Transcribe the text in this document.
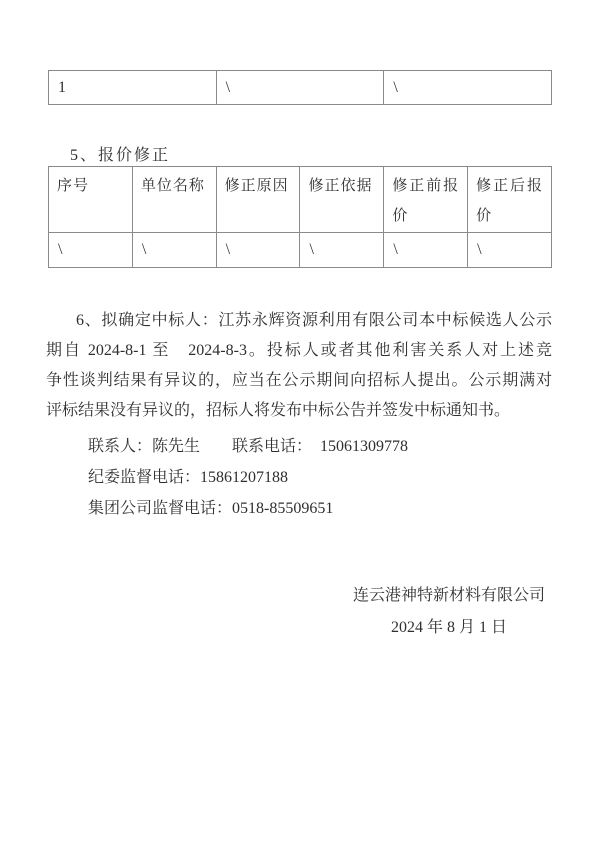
1	\	\
5、报价修正
序号	单位名称	修正原因	修正依据	修正前报价	修正后报价
\	\	\	\	\	\
6、拟确定中标人：江苏永辉资源利用有限公司本中标候选人公示
期自 2024-8-1 至　2024-8-3。投标人或者其他利害关系人对上述竞
争性谈判结果有异议的，应当在公示期间向招标人提出。公示期满对
评标结果没有异议的，招标人将发布中标公告并签发中标通知书。
联系人：陈先生　　联系电话：　15061309778
纪委监督电话：15861207188
集团公司监督电话：0518-85509651
连云港神特新材料有限公司
2024 年 8 月 1 日
